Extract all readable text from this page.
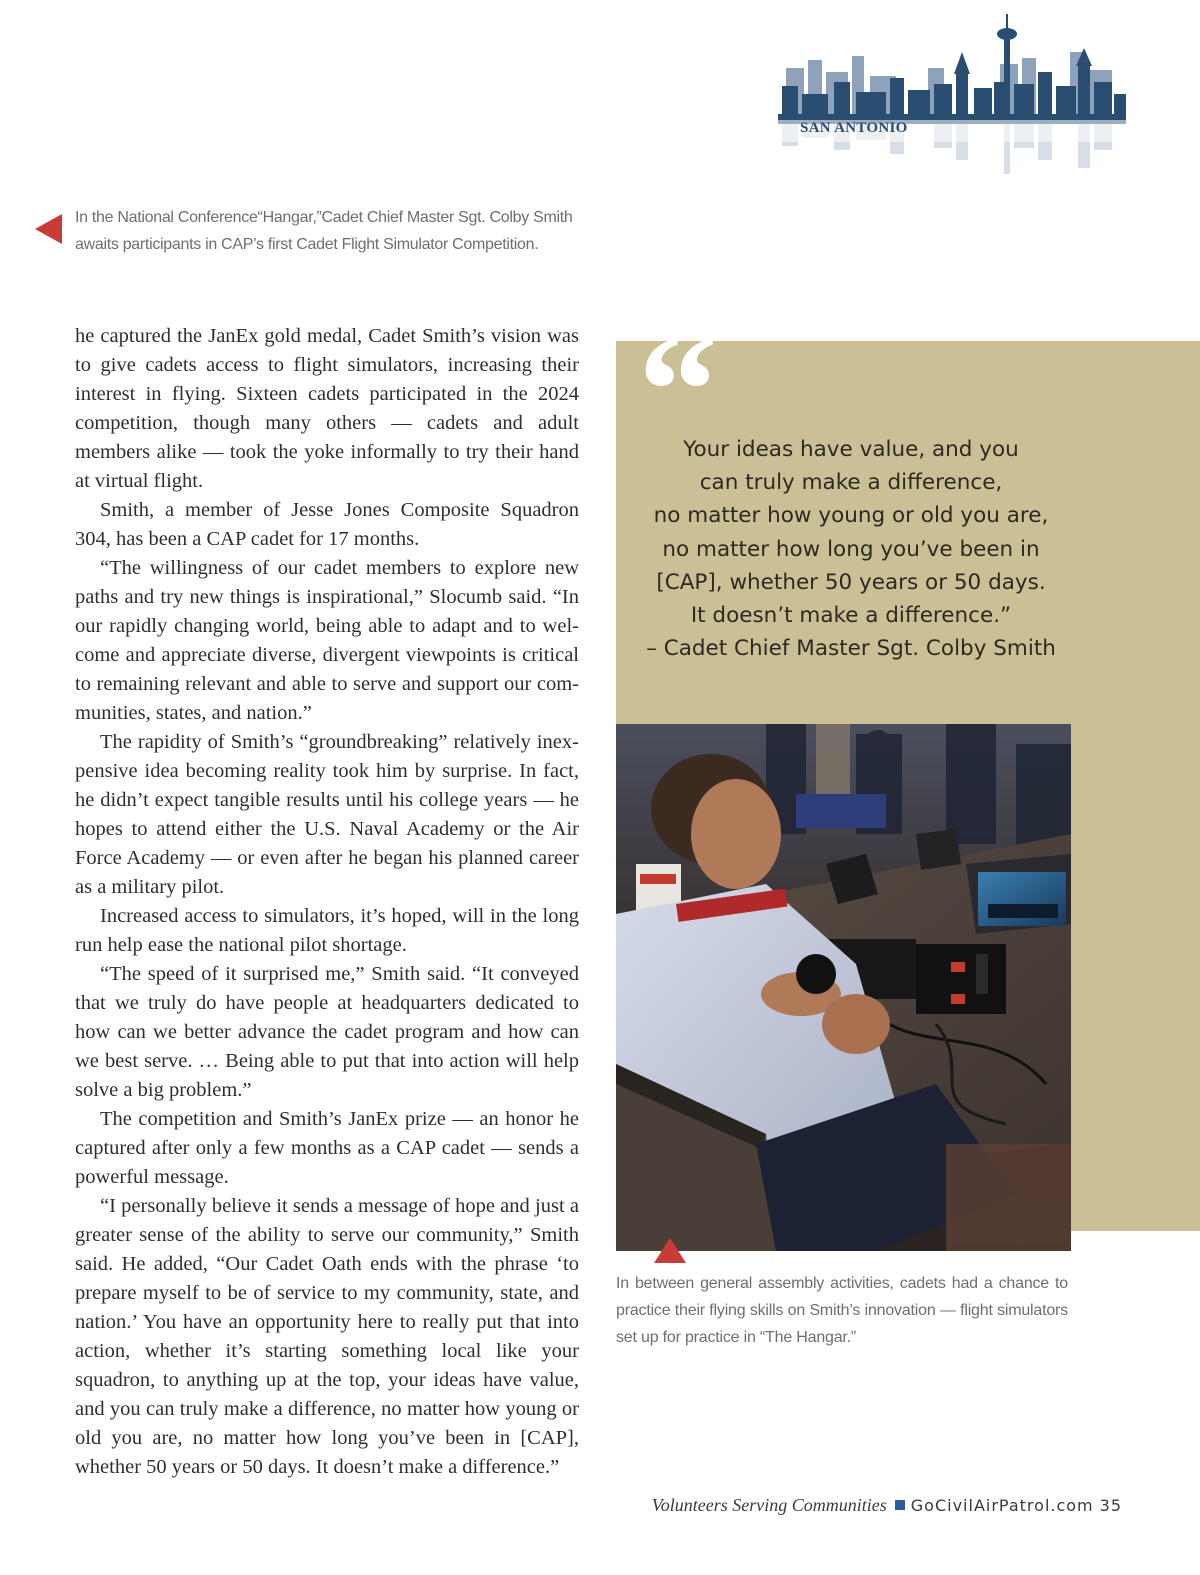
SAN ANTONIO
In the National Conference“Hangar,”Cadet Chief Master Sgt. Colby Smith awaits participants in CAP’s first Cadet Flight Simulator Competition.

he captured the JanEx gold medal, Cadet Smith’s vision was to give cadets access to flight simulators, increasing their interest in flying. Sixteen cadets participated in the 2024 competition, though many others — cadets and adult members alike — took the yoke informally to try their hand at virtual flight.

Smith, a member of Jesse Jones Composite Squadron 304, has been a CAP cadet for 17 months.

“The willingness of our cadet members to explore new paths and try new things is inspirational,” Slocumb said. “In our rapidly changing world, being able to adapt and to welcome and appreciate diverse, divergent viewpoints is critical to remaining relevant and able to serve and support our communities, states, and nation.”

The rapidity of Smith’s “groundbreaking” relatively inexpensive idea becoming reality took him by surprise. In fact, he didn’t expect tangible results until his college years — he hopes to attend either the U.S. Naval Academy or the Air Force Academy — or even after he began his planned career as a military pilot.

Increased access to simulators, it’s hoped, will in the long run help ease the national pilot shortage.

“The speed of it surprised me,” Smith said. “It conveyed that we truly do have people at headquarters dedicated to how can we better advance the cadet program and how can we best serve. … Being able to put that into action will help solve a big problem.”

The competition and Smith’s JanEx prize — an honor he captured after only a few months as a CAP cadet — sends a powerful message.

“I personally believe it sends a message of hope and just a greater sense of the ability to serve our community,” Smith said. He added, “Our Cadet Oath ends with the phrase ‘to prepare myself to be of service to my community, state, and nation.’ You have an opportunity here to really put that into action, whether it’s starting something local like your squadron, to anything up at the top, your ideas have value, and you can truly make a difference, no matter how young or old you are, no matter how long you’ve been in [CAP], whether 50 years or 50 days. It doesn’t make a difference.”

“
Your ideas have value, and you
can truly make a difference,
no matter how young or old you are,
no matter how long you’ve been in
[CAP], whether 50 years or 50 days.
It doesn’t make a difference.”
– Cadet Chief Master Sgt. Colby Smith
In between general assembly activities, cadets had a chance to practice their flying skills on Smith’s innovation — flight simulators set up for practice in “The Hangar.”
Volunteers Serving Communities GoCivilAirPatrol.com 35
